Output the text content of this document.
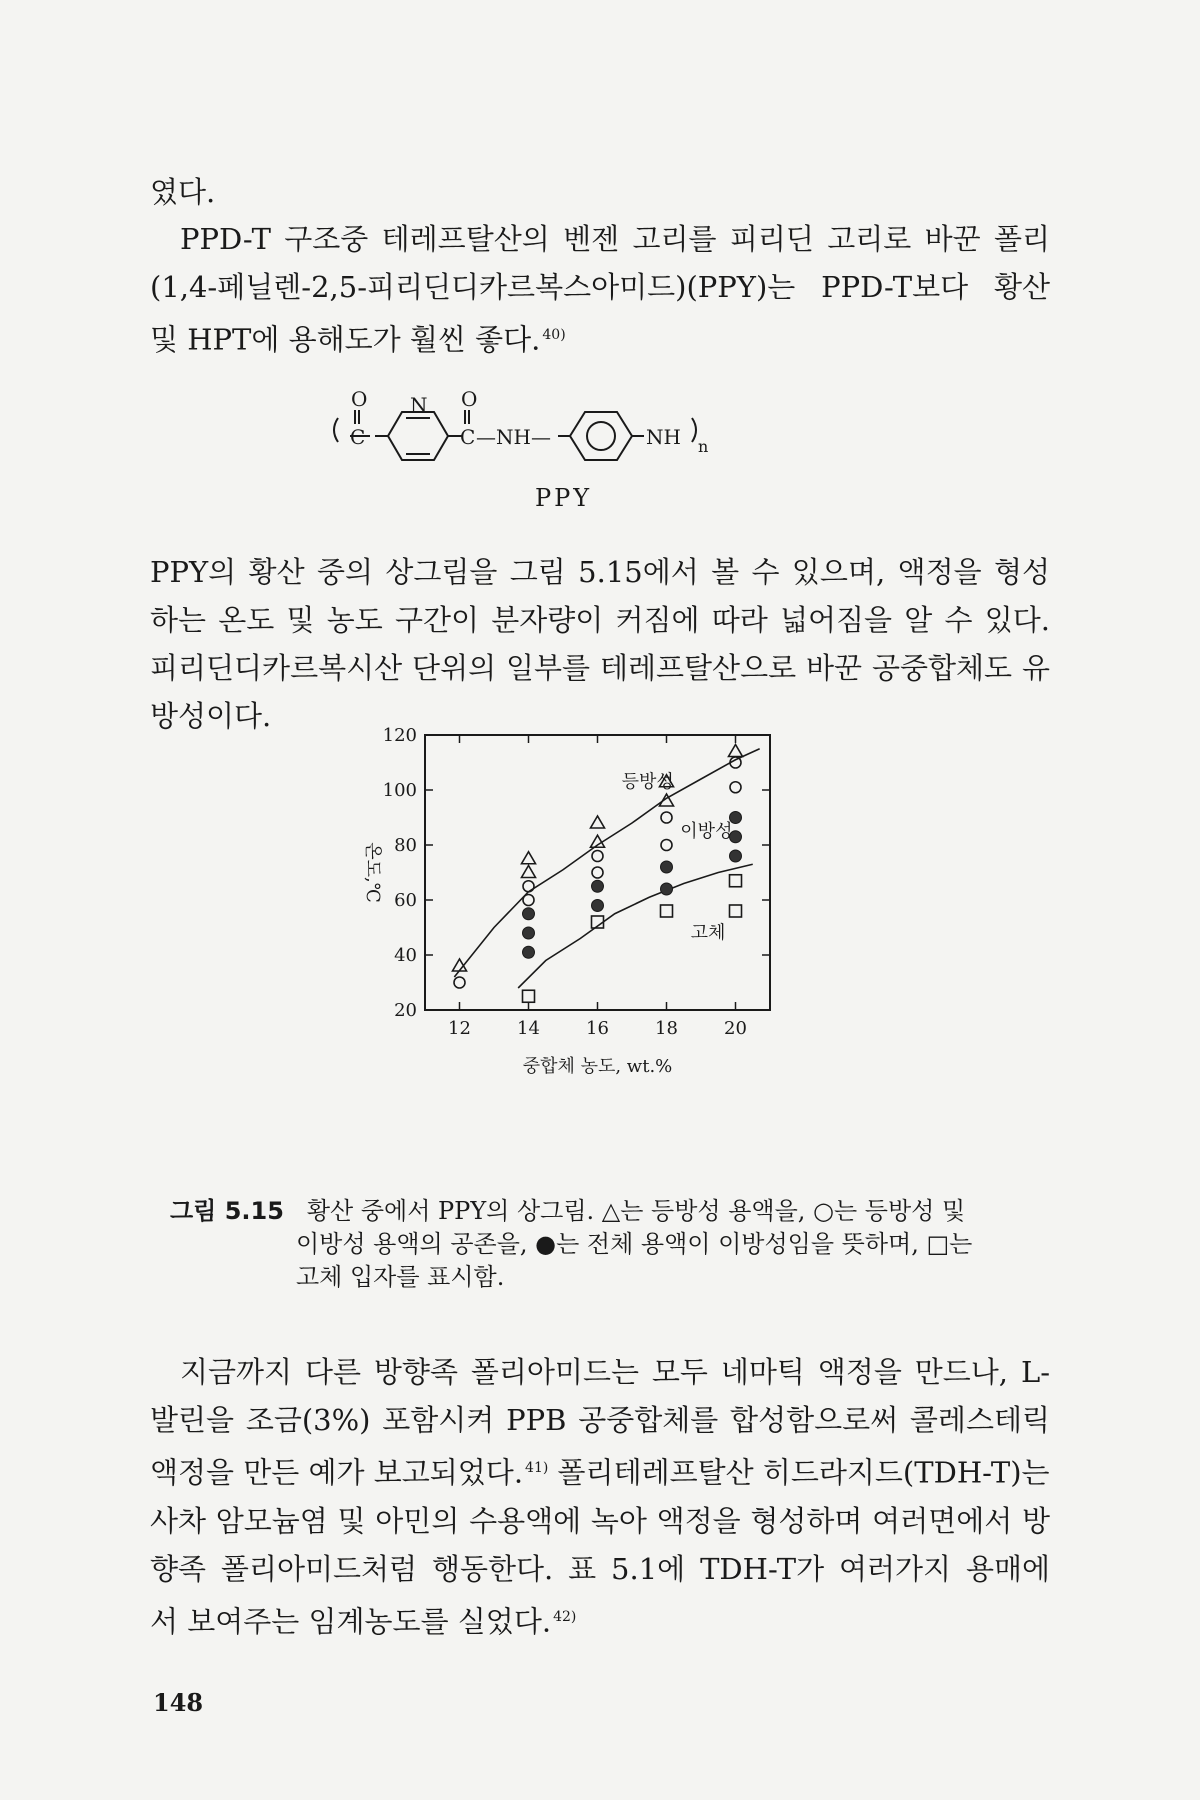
였다.
PPD-T 구조중 테레프탈산의 벤젠 고리를 피리딘 고리로 바꾼 폴리
(1,4-페닐렌-2,5-피리딘디카르복스아미드)(PPY)는 PPD-T보다 황산
및 HPT에 용해도가 훨씬 좋다. $^{40)}$
O
C
N O
C —NH—	NH n
PPY
PPY의 황산 중의 상그림을 그림 5.15에서 볼 수 있으며, 액정을 형성
하는 온도 및 농도 구간이 분자량이 커짐에 따라 넓어짐을 알 수 있다.
피리딘디카르복시산 단위의 일부를 테레프탈산으로 바꾼 공중합체도 유
방성이다.
12	14	16	18	20
20
40
60
80
100
120
등방성
이방성
고체
중합체 농도, wt.%
온도,℃
그림 5.15 황산 중에서 PPY의 상그림. △는 등방성 용액을, ○는 등방성 및
이방성 용액의 공존을, ●는 전체 용액이 이방성임을 뜻하며, □는
고체 입자를 표시함.
지금까지 다른 방향족 폴리아미드는 모두 네마틱 액정을 만드나, L-
발린을 조금(3%) 포함시켜 PPB 공중합체를 합성함으로써 콜레스테릭
액정을 만든 예가 보고되었다. $^{41)}$ 폴리테레프탈산 히드라지드(TDH-T)는
사차 암모늄염 및 아민의 수용액에 녹아 액정을 형성하며 여러면에서 방
향족 폴리아미드처럼 행동한다. 표 5.1에 TDH-T가 여러가지 용매에
서 보여주는 임계농도를 실었다. $^{42)}$
148
